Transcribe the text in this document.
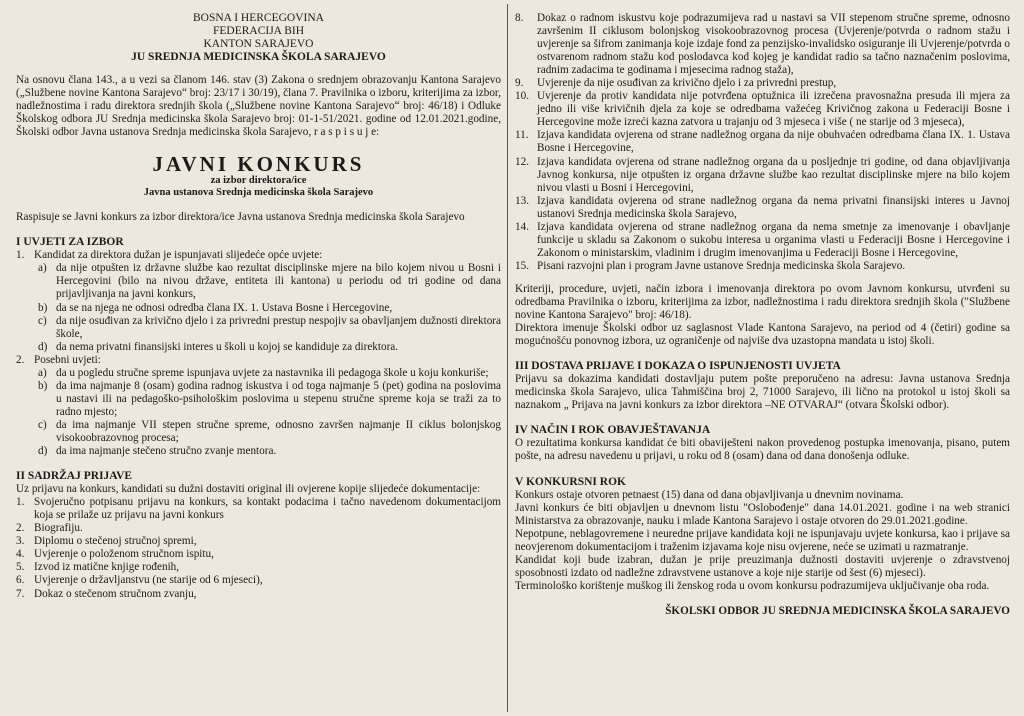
BOSNA I HERCEGOVINA
FEDERACIJA BIH
KANTON SARAJEVO
JU SREDNJA MEDICINSKA ŠKOLA SARAJEVO

Na osnovu člana 143., a u vezi sa članom 146. stav (3) Zakona o srednjem obrazovanju Kantona Sarajevo („Službene novine Kantona Sarajevo“ broj: 23/17 i 30/19), člana 7. Pravilnika o izboru, kriterijima za izbor, nadležnostima i radu direktora srednjih škola („Službene novine Kantona Sarajevo“ broj: 46/18) i Odluke Školskog odbora JU Srednja medicinska škola Sarajevo broj: 01-1-51/2021. godine od 12.01.2021.godine, Školski odbor Javna ustanova Srednja medicinska škola Sarajevo, r a s p i s u j e:

JAVNI KONKURS
za izbor direktora/ice
Javna ustanova Srednja medicinska škola Sarajevo

Raspisuje se Javni konkurs za izbor direktora/ice Javna ustanova Srednja medicinska škola Sarajevo

I UVJETI ZA IZBOR
1. Kandidat za direktora dužan je ispunjavati slijedeće opće uvjete:
a) da nije otpušten iz državne službe kao rezultat disciplinske mjere na bilo kojem nivou u Bosni i Hercegovini (bilo na nivou države, entiteta ili kantona) u periodu od tri godine od dana prijavljivanja na javni konkurs,
b) da se na njega ne odnosi odredba člana IX. 1. Ustava Bosne i Hercegovine,
c) da nije osuđivan za krivično djelo i za privredni prestup nespojiv sa obavljanjem dužnosti direktora škole,
d) da nema privatni finansijski interes u školi u kojoj se kandiduje za direktora.
2. Posebni uvjeti:
a) da u pogledu stručne spreme ispunjava uvjete za nastavnika ili pedagoga škole u koju konkuriše;
b) da ima najmanje 8 (osam) godina radnog iskustva i od toga najmanje 5 (pet) godina na poslovima u nastavi ili na pedagoško-psihološkim poslovima u stepenu stručne spreme koja se traži za to radno mjesto;
c) da ima najmanje VII stepen stručne spreme, odnosno završen najmanje II ciklus bolonjskog visokoobrazovnog procesa;
d) da ima najmanje stečeno stručno zvanje mentora.
II SADRŽAJ PRIJAVE

Uz prijavu na konkurs, kandidati su dužni dostaviti original ili ovjerene kopije slijedeće dokumentacije:

1. Svojeručno potpisanu prijavu na konkurs, sa kontakt podacima i tačno navedenom dokumentacijom koja se prilaže uz prijavu na javni konkurs
2. Biografiju.
3. Diplomu o stečenoj stručnoj spremi,
4. Uvjerenje o položenom stručnom ispitu,
5. Izvod iz matične knjige rođenih,
6. Uvjerenje o državljanstvu (ne starije od 6 mjeseci),
7. Dokaz o stečenom stručnom zvanju,
8.	Dokaz o radnom iskustvu koje podrazumijeva rad u nastavi sa VII stepenom stručne spreme, odnosno završenim II ciklusom bolonjskog visokoobrazovnog procesa (Uvjerenje/potvrda o radnom stažu i uvjerenje sa šifrom zanimanja koje izdaje fond za penzijsko-invalidsko osiguranje ili Uvjerenje/potvrda o ostvarenom radnom stažu kod poslodavca kod kojeg je kandidat radio sa tačno naznačenim poslovima, radnim zadacima te godinama i mjesecima radnog staža),
9.	Uvjerenje da nije osuđivan za krivično djelo i za privredni prestup,
10. Uvjerenje da protiv kandidata nije potvrđena optužnica ili izrečena pravosnažna presuda ili mjera za jedno ili više krivičnih djela za koje se odredbama važećeg Krivičnog zakona u Federaciji Bosne i Hercegovine može izreći kazna zatvora u trajanju od 3 mjeseca i više ( ne starije od 3 mjeseca),
11. Izjava kandidata ovjerena od strane nadležnog organa da nije obuhvaćen odredbama člana IX. 1. Ustava Bosne i Hercegovine,
12. Izjava kandidata ovjerena od strane nadležnog organa da u posljednje tri godine, od dana objavljivanja Javnog konkursa, nije otpušten iz organa državne službe kao rezultat disciplinske mjere na bilo kojem nivou vlasti u Bosni i Hercegovini,
13. Izjava kandidata ovjerena od strane nadležnog organa da nema privatni finansijski interes u Javnoj ustanovi Srednja medicinska škola Sarajevo,
14. Izjava kandidata ovjerena od strane nadležnog organa da nema smetnje za imenovanje i obavljanje funkcije u skladu sa Zakonom o sukobu interesa u organima vlasti u Federaciji Bosne i Hercegovine i Zakonom o ministarskim, vladinim i drugim imenovanjima u Federaciji Bosne i Hercegovine,
15. Pisani razvojni plan i program Javne ustanove Srednja medicinska škola Sarajevo.

Kriteriji, procedure, uvjeti, način izbora i imenovanja direktora po ovom Javnom konkursu, utvrđeni su odredbama Pravilnika o izboru, kriterijima za izbor, nadležnostima i radu direktora srednjih škola ("Službene novine Kantona Sarajevo" broj: 46/18).

Direktora imenuje Školski odbor uz saglasnost Vlade Kantona Sarajevo, na period od 4 (četiri) godine sa mogućnošću ponovnog izbora, uz ograničenje od najviše dva uzastopna mandata u istoj školi.

III DOSTAVA PRIJAVE I DOKAZA O ISPUNJENOSTI UVJETA

Prijavu sa dokazima kandidati dostavljaju putem pošte preporučeno na adresu: Javna ustanova Srednja medicinska škola Sarajevo, ulica Tahmiščina broj 2, 71000 Sarajevo, ili lično na protokol u istoj školi sa naznakom „ Prijava na javni konkurs za izbor direktora –NE OTVARAJ“ (otvara Školski odbor).

IV NAČIN I ROK OBAVJEŠTAVANJA

O rezultatima konkursa kandidat će biti obaviješteni nakon provedenog postupka imenovanja, pisano, putem pošte, na adresu navedenu u prijavi, u roku od 8 (osam) dana od dana donošenja odluke.

V KONKURSNI ROK

Konkurs ostaje otvoren petnaest (15) dana od dana objavljivanja u dnevnim novinama.

Javni konkurs će biti objavljen u dnevnom listu "Oslobođenje" dana 14.01.2021. godine i na web stranici Ministarstva za obrazovanje, nauku i mlade Kantona Sarajevo i ostaje otvoren do 29.01.2021.godine.

Nepotpune, neblagovremene i neuredne prijave kandidata koji ne ispunjavaju uvjete konkursa, kao i prijave sa neovjerenom dokumentacijom i traženim izjavama koje nisu ovjerene, neće se uzimati u razmatranje.

Kandidat koji bude izabran, dužan je prije preuzimanja dužnosti dostaviti uvjerenje o zdravstvenoj sposobnosti izdato od nadležne zdravstvene ustanove a koje nije starije od šest (6) mjeseci).

Terminološko korištenje muškog ili ženskog roda u ovom konkursu podrazumijeva uključivanje oba roda.

ŠKOLSKI ODBOR JU SREDNJA MEDICINSKA ŠKOLA SARAJEVO
